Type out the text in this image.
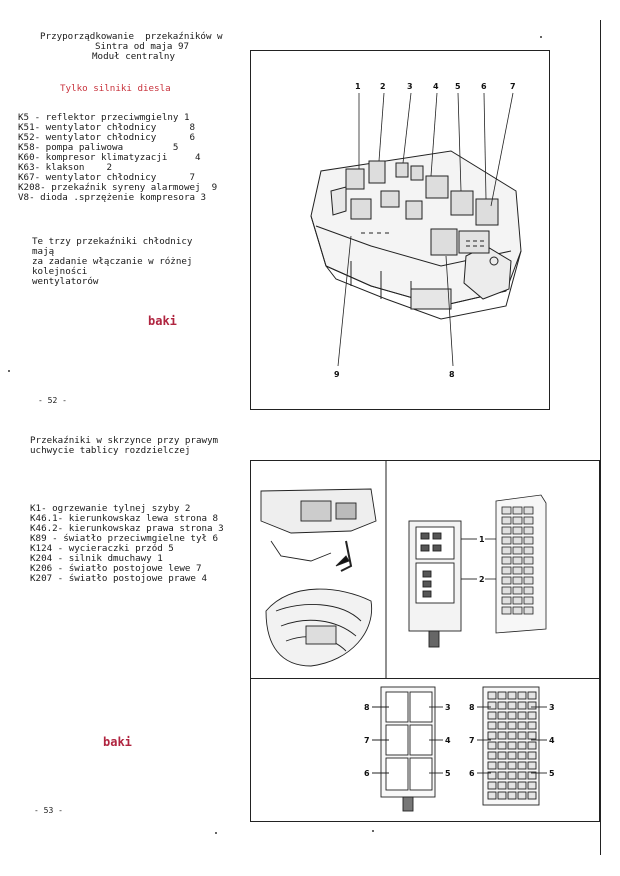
Przyporządkowanie  przekaźników w
Sintra od maja 97
Moduł centralny
Tylko silniki diesla
K5 - reflektor przeciwmgielny 1
K51- wentylator chłodnicy      8
K52- wentylator chłodnicy      6
K58- pompa paliwowa         5
K60- kompresor klimatyzacji     4
K63- klakson    2
K67- wentylator chłodnicy      7
K208- przekaźnik syreny alarmowej  9
V8- dioda .sprzężenie kompresora 3
Te trzy przekaźniki chłodnicy
mają
za zadanie włączanie w różnej
kolejności
wentylatorów
baki
- 52 -
1 2	3	4 5	6	7
9	8
Przekaźniki w skrzynce przy prawym
uchwycie tablicy rozdzielczej
K1- ogrzewanie tylnej szyby 2
K46.1- kierunkowskaz lewa strona 8
K46.2- kierunkowskaz prawa strona 3
K89 - światło przeciwmgielne tył 6
K124 - wycieraczki przód 5
K204 - silnik dmuchawy 1
K206 - światło postojowe lewe 7
K207 - światło postojowe prawe 4
baki
- 53 -
1
2
8
7
6
3
4
5
8
7
6
3
4
5
